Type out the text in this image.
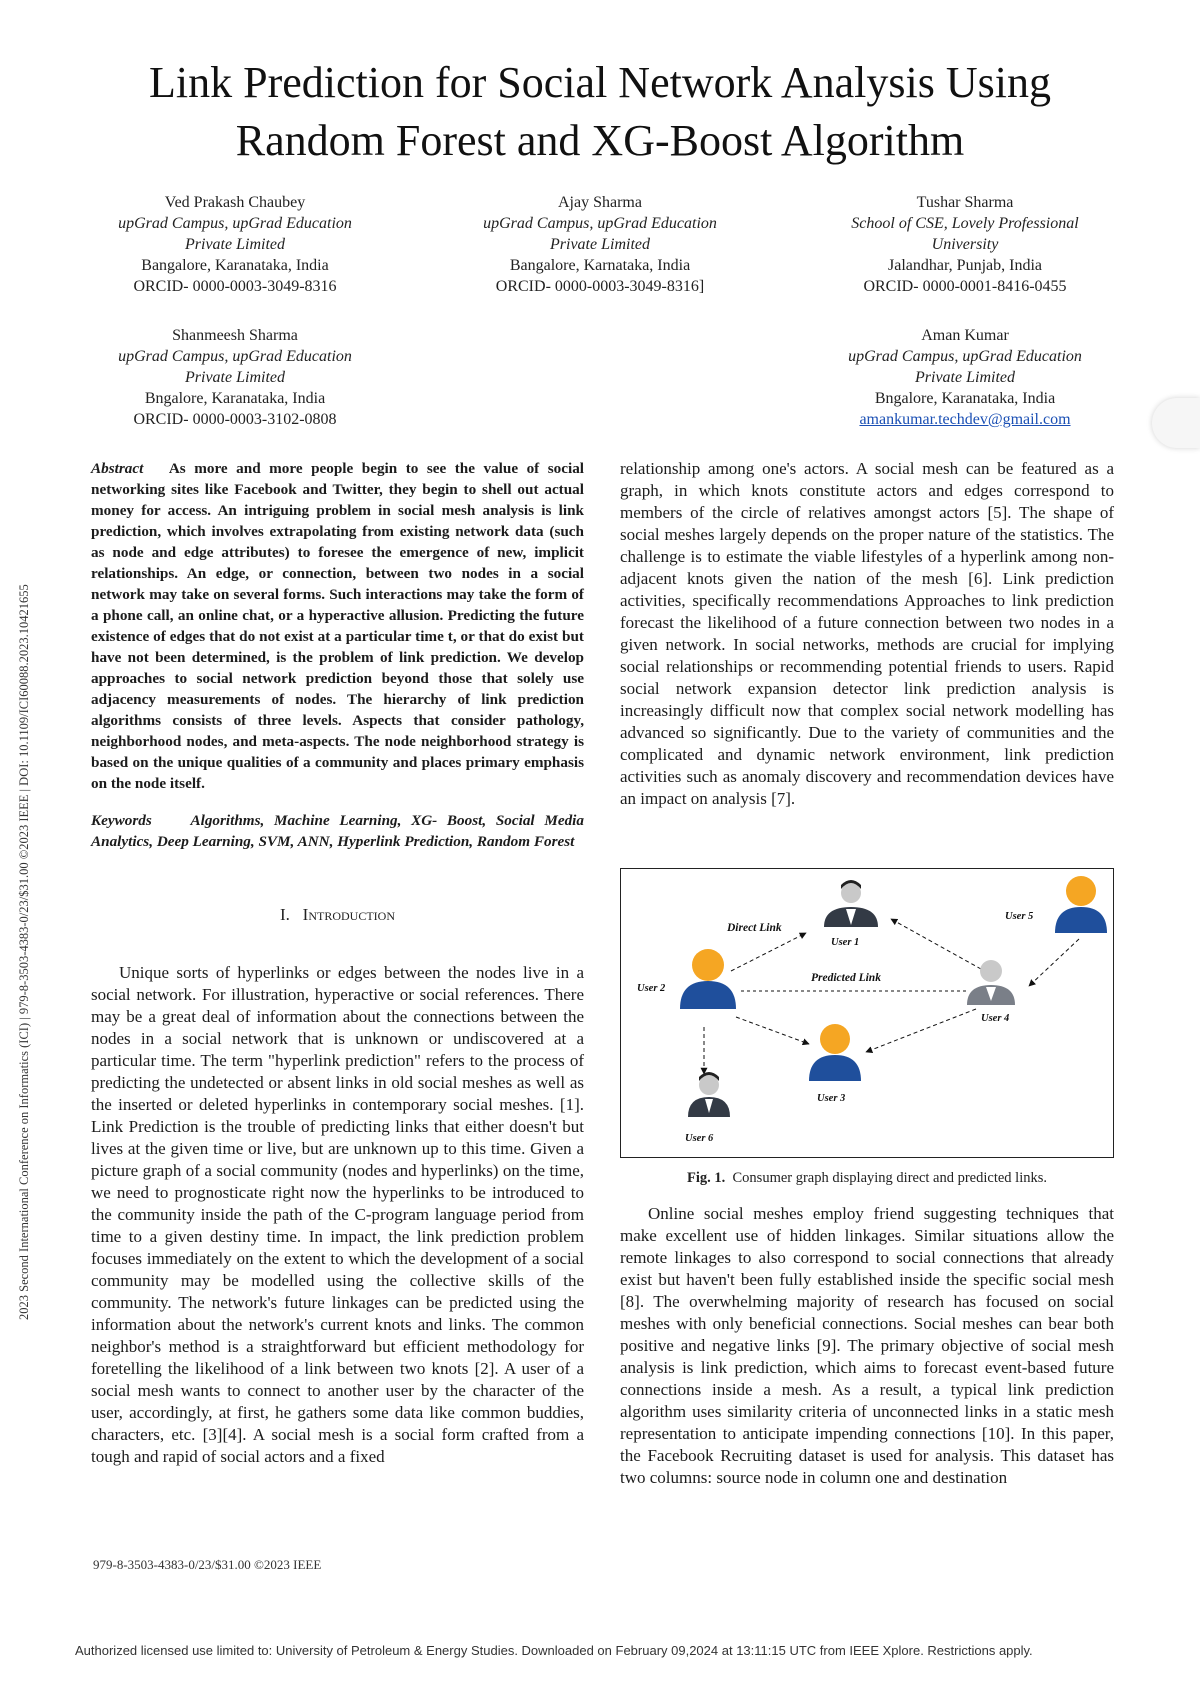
Link Prediction for Social Network Analysis Using
Random Forest and XG-Boost Algorithm
Ved Prakash Chaubey
upGrad Campus, upGrad Education
Private Limited
Bangalore, Karanataka, India
ORCID- 0000-0003-3049-8316
Ajay Sharma
upGrad Campus, upGrad Education
Private Limited
Bangalore, Karnataka, India
ORCID- 0000-0003-3049-8316]
Tushar Sharma
School of CSE, Lovely Professional
University
Jalandhar, Punjab, India
ORCID- 0000-0001-8416-0455
Shanmeesh Sharma
upGrad Campus, upGrad Education
Private Limited
Bngalore, Karanataka, India
ORCID- 0000-0003-3102-0808
Aman Kumar
upGrad Campus, upGrad Education
Private Limited
Bngalore, Karanataka, India
amankumar.techdev@gmail.com
2023 Second International Conference on Informatics (ICI) | 979-8-3503-4383-0/23/$31.00 ©2023 IEEE | DOI: 10.1109/ICI60088.2023.10421655

Abstract As more and more people begin to see the value of social networking sites like Facebook and Twitter, they begin to shell out actual money for access. An intriguing problem in social mesh analysis is link prediction, which involves extrapolating from existing network data (such as node and edge attributes) to foresee the emergence of new, implicit relationships. An edge, or connection, between two nodes in a social network may take on several forms. Such interactions may take the form of a phone call, an online chat, or a hyperactive allusion. Predicting the future existence of edges that do not exist at a particular time t, or that do exist but have not been determined, is the problem of link prediction. We develop approaches to social network prediction beyond those that solely use adjacency measurements of nodes. The hierarchy of link prediction algorithms consists of three levels. Aspects that consider pathology, neighborhood nodes, and meta-aspects. The node neighborhood strategy is based on the unique qualities of a community and places primary emphasis on the node itself.

Keywords	Algorithms, Machine Learning, XG- Boost, Social Media Analytics, Deep Learning, SVM, ANN, Hyperlink Prediction, Random Forest

I. Introduction

Unique sorts of hyperlinks or edges between the nodes live in a social network. For illustration, hyperactive or social references. There may be a great deal of information about the connections between the nodes in a social network that is unknown or undiscovered at a particular time. The term "hyperlink prediction" refers to the process of predicting the undetected or absent links in old social meshes as well as the inserted or deleted hyperlinks in contemporary social meshes. [1]. Link Prediction is the trouble of predicting links that either doesn't but lives at the given time or live, but are unknown up to this time. Given a picture graph of a social community (nodes and hyperlinks) on the time, we need to prognosticate right now the hyperlinks to be introduced to the community inside the path of the C-program language period from time to a given destiny time. In impact, the link prediction problem focuses immediately on the extent to which the development of a social community may be modelled using the collective skills of the community. The network's future linkages can be predicted using the information about the network's current knots and links. The common neighbor's method is a straightforward but efficient methodology for foretelling the likelihood of a link between two knots [2]. A user of a social mesh wants to connect to another user by the character of the user, accordingly, at first, he gathers some data like common buddies, characters, etc. [3][4]. A social mesh is a social form crafted from a tough and rapid of social actors and a fixed

relationship among one's actors. A social mesh can be featured as a graph, in which knots constitute actors and edges correspond to members of the circle of relatives amongst actors [5]. The shape of social meshes largely depends on the proper nature of the statistics. The challenge is to estimate the viable lifestyles of a hyperlink among non-adjacent knots given the nation of the mesh [6]. Link prediction activities, specifically recommendations Approaches to link prediction forecast the likelihood of a future connection between two nodes in a given network. In social networks, methods are crucial for implying social relationships or recommending potential friends to users. Rapid social network expansion detector link prediction analysis is increasingly difficult now that complex social network modelling has advanced so significantly. Due to the variety of communities and the complicated and dynamic network environment, link prediction activities such as anomaly discovery and recommendation devices have an impact on analysis [7].

Direct Link
Predicted Link
User 1
User 2
User 3
User 4
User 5
User 6
Fig. 1. Consumer graph displaying direct and predicted links.

Online social meshes employ friend suggesting techniques that make excellent use of hidden linkages. Similar situations allow the remote linkages to also correspond to social connections that already exist but haven't been fully established inside the specific social mesh [8]. The overwhelming majority of research has focused on social meshes with only beneficial connections. Social meshes can bear both positive and negative links [9]. The primary objective of social mesh analysis is link prediction, which aims to forecast event-based future connections inside a mesh. As a result, a typical link prediction algorithm uses similarity criteria of unconnected links in a static mesh representation to anticipate impending connections [10]. In this paper, the Facebook Recruiting dataset is used for analysis. This dataset has two columns: source node in column one and destination

979-8-3503-4383-0/23/$31.00 ©2023 IEEE
Authorized licensed use limited to: University of Petroleum & Energy Studies. Downloaded on February 09,2024 at 13:11:15 UTC from IEEE Xplore. Restrictions apply.
